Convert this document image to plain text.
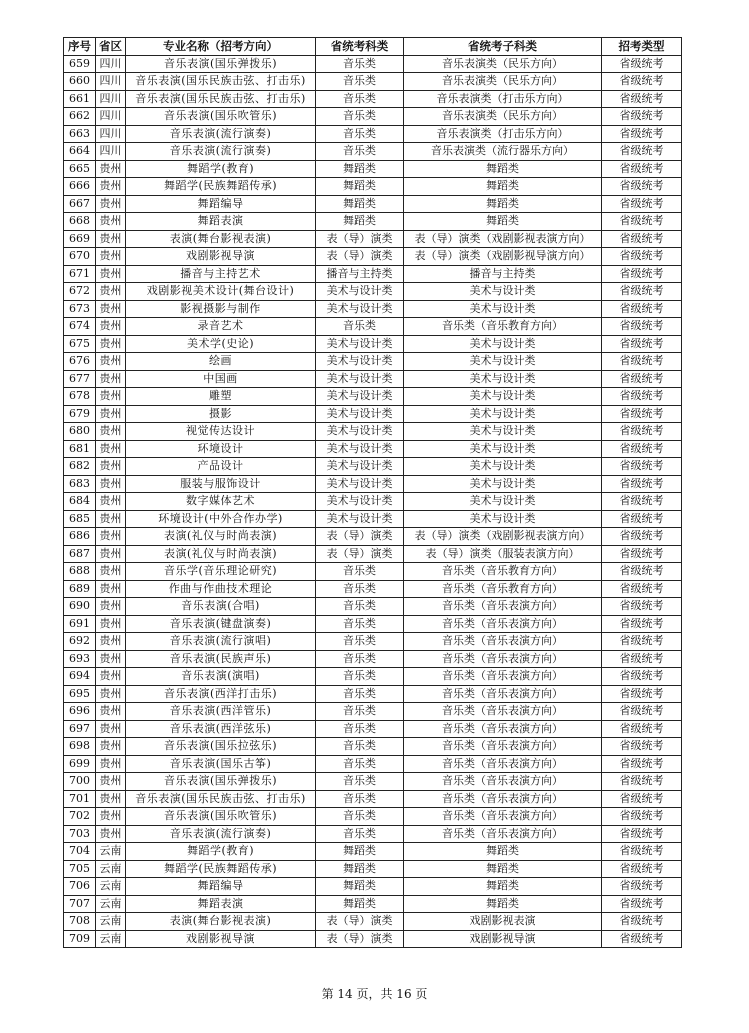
序号	省区	专业名称（招考方向）	省统考科类	省统考子科类	招考类型
659	四川	音乐表演(国乐弹拨乐)	音乐类	音乐表演类（民乐方向）	省级统考
660	四川	音乐表演(国乐民族击弦、打击乐)	音乐类	音乐表演类（民乐方向）	省级统考
661	四川	音乐表演(国乐民族击弦、打击乐)	音乐类	音乐表演类（打击乐方向）	省级统考
662	四川	音乐表演(国乐吹管乐)	音乐类	音乐表演类（民乐方向）	省级统考
663	四川	音乐表演(流行演奏)	音乐类	音乐表演类（打击乐方向）	省级统考
664	四川	音乐表演(流行演奏)	音乐类	音乐表演类（流行器乐方向）	省级统考
665	贵州	舞蹈学(教育)	舞蹈类	舞蹈类	省级统考
666	贵州	舞蹈学(民族舞蹈传承)	舞蹈类	舞蹈类	省级统考
667	贵州	舞蹈编导	舞蹈类	舞蹈类	省级统考
668	贵州	舞蹈表演	舞蹈类	舞蹈类	省级统考
669	贵州	表演(舞台影视表演)	表（导）演类	表（导）演类（戏剧影视表演方向）	省级统考
670	贵州	戏剧影视导演	表（导）演类	表（导）演类（戏剧影视导演方向）	省级统考
671	贵州	播音与主持艺术	播音与主持类	播音与主持类	省级统考
672	贵州	戏剧影视美术设计(舞台设计)	美术与设计类	美术与设计类	省级统考
673	贵州	影视摄影与制作	美术与设计类	美术与设计类	省级统考
674	贵州	录音艺术	音乐类	音乐类（音乐教育方向）	省级统考
675	贵州	美术学(史论)	美术与设计类	美术与设计类	省级统考
676	贵州	绘画	美术与设计类	美术与设计类	省级统考
677	贵州	中国画	美术与设计类	美术与设计类	省级统考
678	贵州	雕塑	美术与设计类	美术与设计类	省级统考
679	贵州	摄影	美术与设计类	美术与设计类	省级统考
680	贵州	视觉传达设计	美术与设计类	美术与设计类	省级统考
681	贵州	环境设计	美术与设计类	美术与设计类	省级统考
682	贵州	产品设计	美术与设计类	美术与设计类	省级统考
683	贵州	服装与服饰设计	美术与设计类	美术与设计类	省级统考
684	贵州	数字媒体艺术	美术与设计类	美术与设计类	省级统考
685	贵州	环境设计(中外合作办学)	美术与设计类	美术与设计类	省级统考
686	贵州	表演(礼仪与时尚表演)	表（导）演类	表（导）演类（戏剧影视表演方向）	省级统考
687	贵州	表演(礼仪与时尚表演)	表（导）演类	表（导）演类（服装表演方向）	省级统考
688	贵州	音乐学(音乐理论研究)	音乐类	音乐类（音乐教育方向）	省级统考
689	贵州	作曲与作曲技术理论	音乐类	音乐类（音乐教育方向）	省级统考
690	贵州	音乐表演(合唱)	音乐类	音乐类（音乐表演方向）	省级统考
691	贵州	音乐表演(键盘演奏)	音乐类	音乐类（音乐表演方向）	省级统考
692	贵州	音乐表演(流行演唱)	音乐类	音乐类（音乐表演方向）	省级统考
693	贵州	音乐表演(民族声乐)	音乐类	音乐类（音乐表演方向）	省级统考
694	贵州	音乐表演(演唱)	音乐类	音乐类（音乐表演方向）	省级统考
695	贵州	音乐表演(西洋打击乐)	音乐类	音乐类（音乐表演方向）	省级统考
696	贵州	音乐表演(西洋管乐)	音乐类	音乐类（音乐表演方向）	省级统考
697	贵州	音乐表演(西洋弦乐)	音乐类	音乐类（音乐表演方向）	省级统考
698	贵州	音乐表演(国乐拉弦乐)	音乐类	音乐类（音乐表演方向）	省级统考
699	贵州	音乐表演(国乐古筝)	音乐类	音乐类（音乐表演方向）	省级统考
700	贵州	音乐表演(国乐弹拨乐)	音乐类	音乐类（音乐表演方向）	省级统考
701	贵州	音乐表演(国乐民族击弦、打击乐)	音乐类	音乐类（音乐表演方向）	省级统考
702	贵州	音乐表演(国乐吹管乐)	音乐类	音乐类（音乐表演方向）	省级统考
703	贵州	音乐表演(流行演奏)	音乐类	音乐类（音乐表演方向）	省级统考
704	云南	舞蹈学(教育)	舞蹈类	舞蹈类	省级统考
705	云南	舞蹈学(民族舞蹈传承)	舞蹈类	舞蹈类	省级统考
706	云南	舞蹈编导	舞蹈类	舞蹈类	省级统考
707	云南	舞蹈表演	舞蹈类	舞蹈类	省级统考
708	云南	表演(舞台影视表演)	表（导）演类	戏剧影视表演	省级统考
709	云南	戏剧影视导演	表（导）演类	戏剧影视导演	省级统考
第 14 页，共 16 页
